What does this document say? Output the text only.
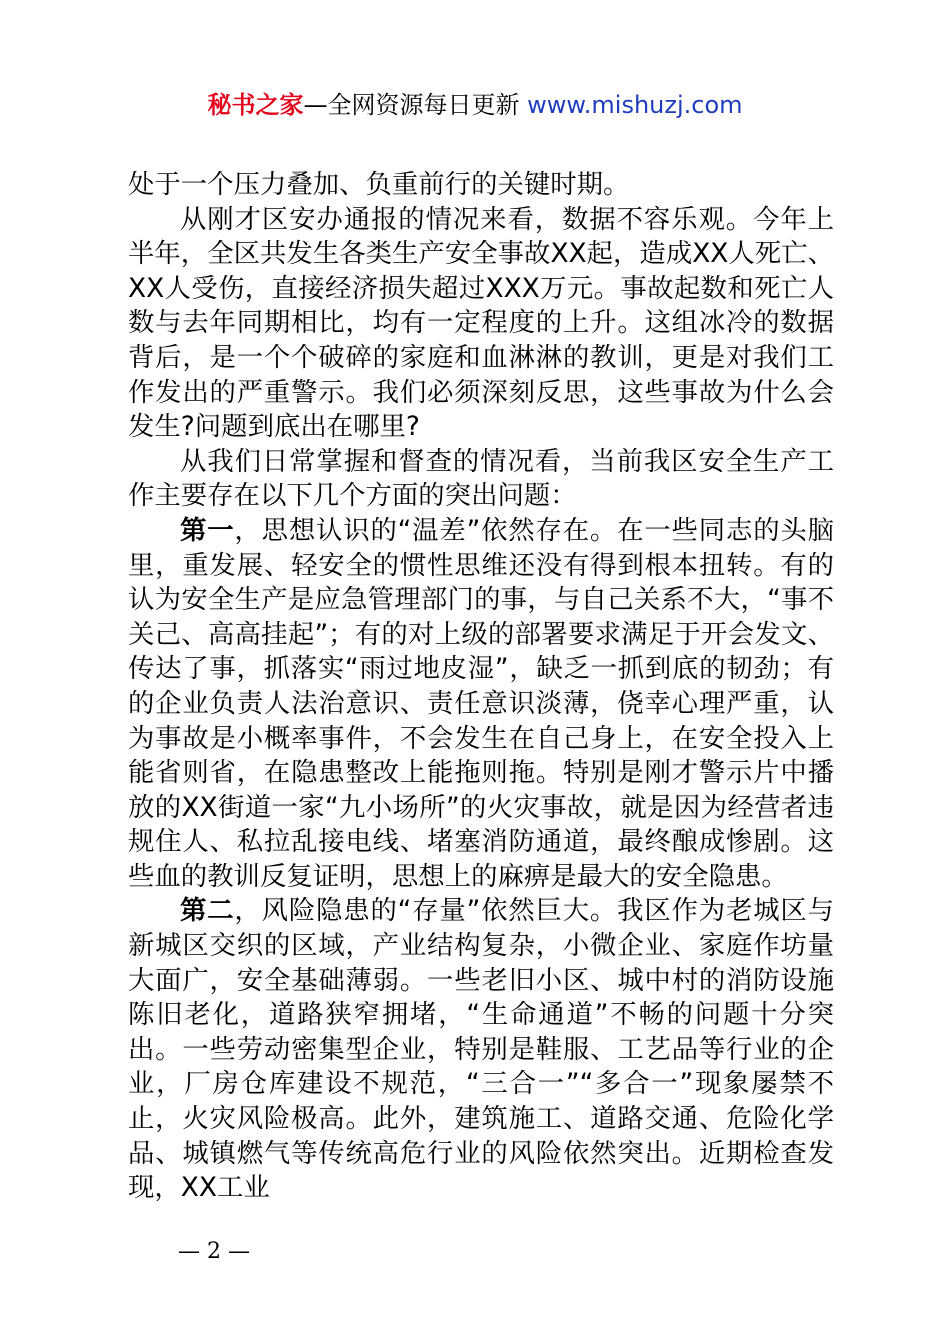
秘书之家—全网资源每日更新 www.mishuzj.com

处于一个压力叠加、负重前行的关键时期。

从刚才区安办通报的情况来看，数据不容乐观。今年上半年，全区共发生各类生产安全事故XX起，造成XX人死亡、XX人受伤，直接经济损失超过XXX万元。事故起数和死亡人数与去年同期相比，均有一定程度的上升。这组冰冷的数据背后，是一个个破碎的家庭和血淋淋的教训，更是对我们工作发出的严重警示。我们必须深刻反思，这些事故为什么会发生?问题到底出在哪里?

从我们日常掌握和督查的情况看，当前我区安全生产工作主要存在以下几个方面的突出问题：

第一，思想认识的“温差”依然存在。在一些同志的头脑里，重发展、轻安全的惯性思维还没有得到根本扭转。有的认为安全生产是应急管理部门的事，与自己关系不大，“事不关己、高高挂起”；有的对上级的部署要求满足于开会发文、传达了事，抓落实“雨过地皮湿”，缺乏一抓到底的韧劲；有的企业负责人法治意识、责任意识淡薄，侥幸心理严重，认为事故是小概率事件，不会发生在自己身上，在安全投入上能省则省，在隐患整改上能拖则拖。特别是刚才警示片中播放的XX街道一家“九小场所”的火灾事故，就是因为经营者违规住人、私拉乱接电线、堵塞消防通道，最终酿成惨剧。这些血的教训反复证明，思想上的麻痹是最大的安全隐患。

第二，风险隐患的“存量”依然巨大。我区作为老城区与新城区交织的区域，产业结构复杂，小微企业、家庭作坊量大面广，安全基础薄弱。一些老旧小区、城中村的消防设施陈旧老化，道路狭窄拥堵，“生命通道”不畅的问题十分突出。一些劳动密集型企业，特别是鞋服、工艺品等行业的企业，厂房仓库建设不规范，“三合一”“多合一”现象屡禁不止，火灾风险极高。此外，建筑施工、道路交通、危险化学品、城镇燃气等传统高危行业的风险依然突出。近期检查发现，XX工业

— 2 —
